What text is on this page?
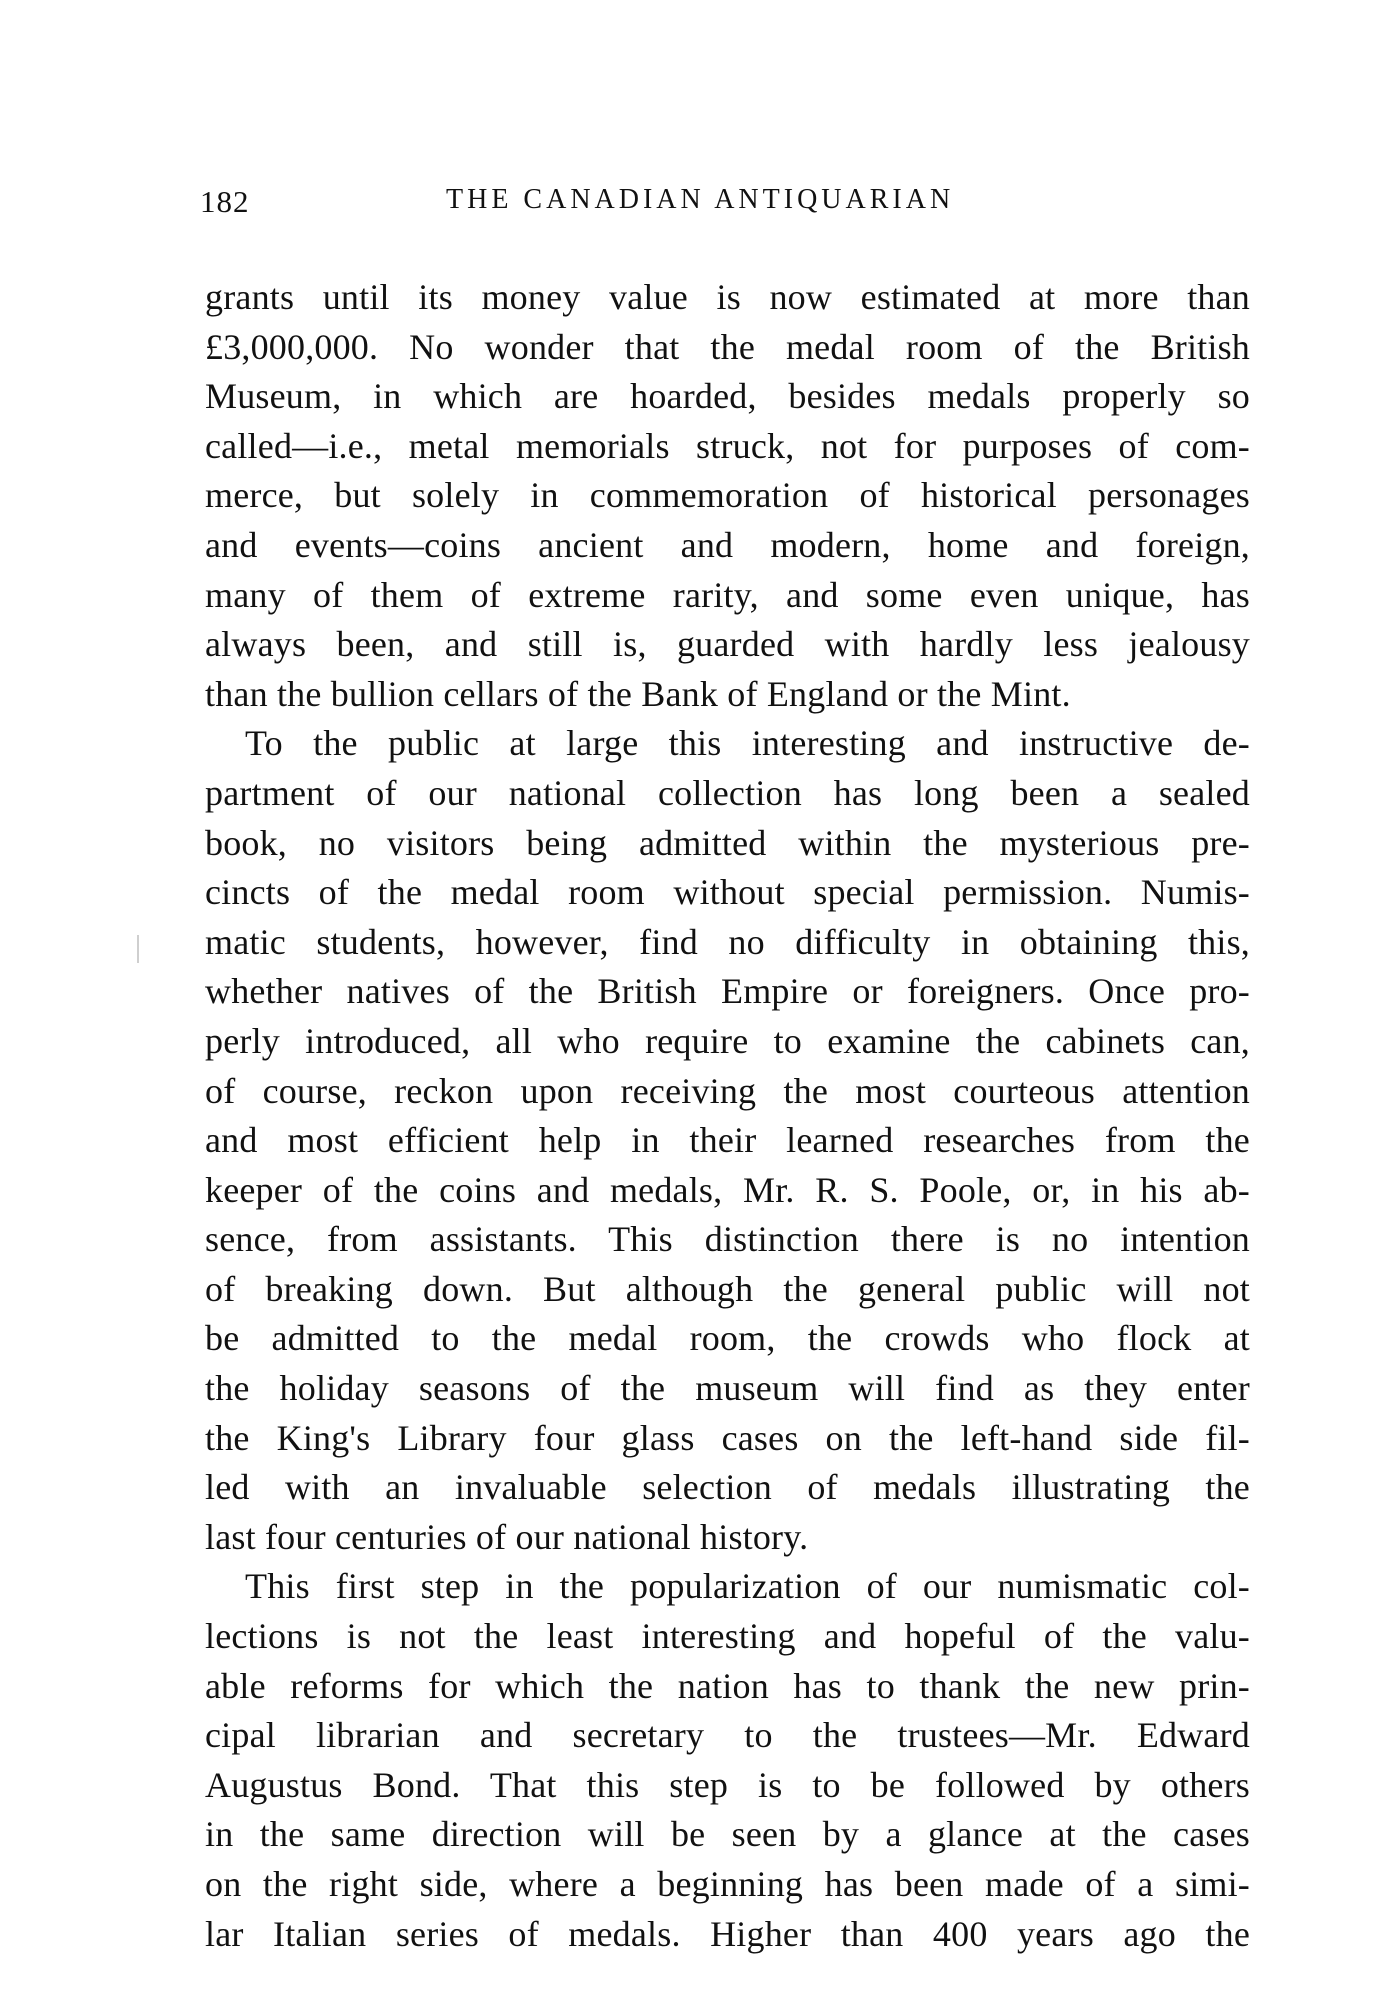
182	THE CANADIAN ANTIQUARIAN
grants until its money value is now estimated at more than
£3,000,000. No wonder that the medal room of the British
Museum, in which are hoarded, besides medals properly so
called—i.e., metal memorials struck, not for purposes of com-
merce, but solely in commemoration of historical personages
and events—coins ancient and modern, home and foreign,
many of them of extreme rarity, and some even unique, has
always been, and still is, guarded with hardly less jealousy
than the bullion cellars of the Bank of England or the Mint.
To the public at large this interesting and instructive de-
partment of our national collection has long been a sealed
book, no visitors being admitted within the mysterious pre-
cincts of the medal room without special permission. Numis-
matic students, however, find no difficulty in obtaining this,
whether natives of the British Empire or foreigners. Once pro-
perly introduced, all who require to examine the cabinets can,
of course, reckon upon receiving the most courteous attention
and most efficient help in their learned researches from the
keeper of the coins and medals, Mr. R. S. Poole, or, in his ab-
sence, from assistants. This distinction there is no intention
of breaking down. But although the general public will not
be admitted to the medal room, the crowds who flock at
the holiday seasons of the museum will find as they enter
the King's Library four glass cases on the left-hand side fil-
led with an invaluable selection of medals illustrating the
last four centuries of our national history.
This first step in the popularization of our numismatic col-
lections is not the least interesting and hopeful of the valu-
able reforms for which the nation has to thank the new prin-
cipal librarian and secretary to the trustees—Mr. Edward
Augustus Bond. That this step is to be followed by others
in the same direction will be seen by a glance at the cases
on the right side, where a beginning has been made of a simi-
lar Italian series of medals. Higher than 400 years ago the
